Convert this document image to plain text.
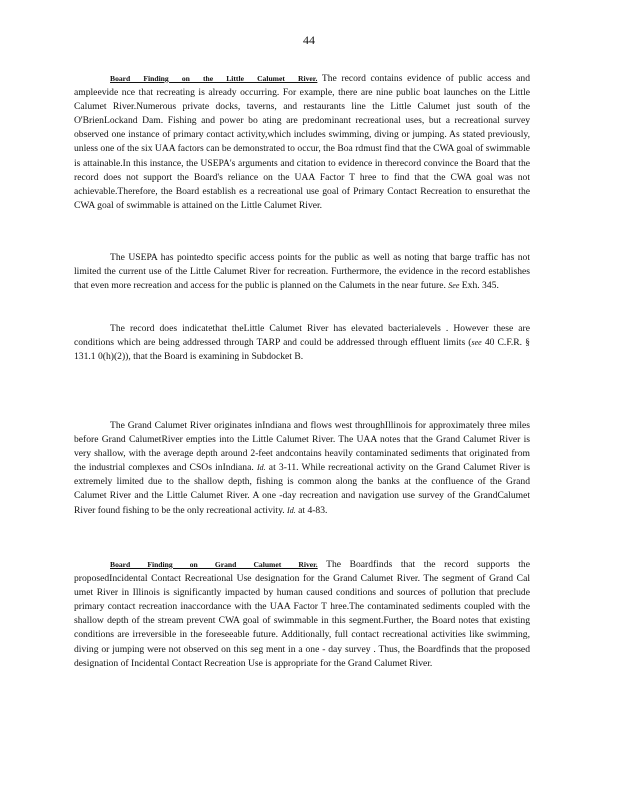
44

Board Finding on the Little Calumet River. The record contains evidence of public access and ampleevide nce that recreating is already occurring. For example, there are nine public boat launches on the Little Calumet River.Numerous private docks, taverns, and restaurants line the Little Calumet just south of the O'BrienLockand Dam. Fishing and power bo ating are predominant recreational uses, but a recreational survey observed one instance of primary contact activity,which includes swimming, diving or jumping. As stated previously, unless one of the six UAA factors can be demonstrated to occur, the Boa rdmust find that the CWA goal of swimmable is attainable.In this instance, the USEPA's arguments and citation to evidence in therecord convince the Board that the record does not support the Board's reliance on the UAA Factor T hree to find that the CWA goal was not achievable.Therefore, the Board establish es a recreational use goal of Primary Contact Recreation to ensurethat the CWA goal of swimmable is attained on the Little Calumet River.

The USEPA has pointedto specific access points for the public as well as noting that barge traffic has not limited the current use of the Little Calumet River for recreation. Furthermore, the evidence in the record establishes that even more recreation and access for the public is planned on the Calumets in the near future. See Exh. 345.

The record does indicatethat theLittle Calumet River has elevated bacterialevels . However these are conditions which are being addressed through TARP and could be addressed through effluent limits (see 40 C.F.R. § 131.1 0(h)(2)), that the Board is examining in Subdocket B.

The Grand Calumet River originates inIndiana and flows west throughIllinois for approximately three miles before Grand CalumetRiver empties into the Little Calumet River. The UAA notes that the Grand Calumet River is very shallow, with the average depth around 2-feet andcontains heavily contaminated sediments that originated from the industrial complexes and CSOs inIndiana. Id. at 3-11. While recreational activity on the Grand Calumet River is extremely limited due to the shallow depth, fishing is common along the banks at the confluence of the Grand Calumet River and the Little Calumet River. A one -day recreation and navigation use survey of the GrandCalumet River found fishing to be the only recreational activity. Id. at 4-83.

Board Finding on Grand Calumet River. The Boardfinds that the record supports the proposedIncidental Contact Recreational Use designation for the Grand Calumet River. The segment of Grand Cal umet River in Illinois is significantly impacted by human caused conditions and sources of pollution that preclude primary contact recreation inaccordance with the UAA Factor T hree.The contaminated sediments coupled with the shallow depth of the stream prevent CWA goal of swimmable in this segment.Further, the Board notes that existing conditions are irreversible in the foreseeable future. Additionally, full contact recreational activities like swimming, diving or jumping were not observed on this seg ment in a one - day survey . Thus, the Boardfinds that the proposed designation of Incidental Contact Recreation Use is appropriate for the Grand Calumet River.
